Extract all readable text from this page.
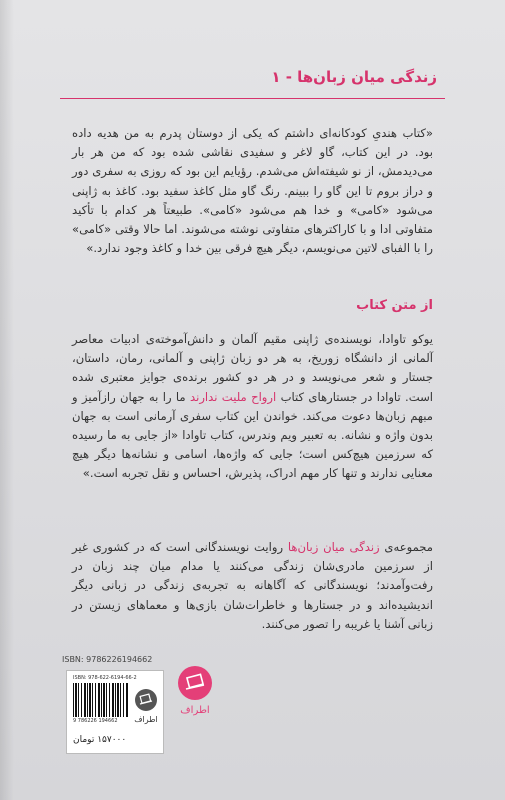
زندگی میان زبان‌ها - ۱

«کتاب هندیِ کودکانه‌ای داشتم که یکی از دوستان پدرم به من هدیه داده بود. در این کتاب، گاو لاغر و سفیدی نقاشی شده بود که من هر بار می‌دیدمش، از نو شیفته‌اش می‌شدم. رؤیایم این بود که روزی به سفری دور و دراز بروم تا این گاو را ببینم. رنگ گاو مثل کاغذ سفید بود. کاغذ به ژاپنی می‌شود «کامی» و خدا هم می‌شود «کامی». طبیعتاً هر کدام با تأکید متفاوتی ادا و با کاراکترهای متفاوتی نوشته می‌شوند. اما حالا وقتی «کامی» را با الفبای لاتین می‌نویسم، دیگر هیچ فرقی بین خدا و کاغذ وجود ندارد.»

از متن کتاب

یوکو تاوادا، نویسنده‌ی ژاپنی مقیم آلمان و دانش‌آموخته‌ی ادبیات معاصر آلمانی از دانشگاه زوریخ، به هر دو زبان ژاپنی و آلمانی، رمان، داستان، جستار و شعر می‌نویسد و در هر دو کشور برنده‌ی جوایز معتبری شده است. تاوادا در جستارهای کتاب ارواح ملیت ندارند ما را به جهان رازآمیز و مبهم زبان‌ها دعوت می‌کند. خواندن این کتاب سفری آرمانی است به جهان بدون واژه و نشانه. به تعبیر ویم وندرس، کتاب تاوادا «از جایی به ما رسیده که سرزمین هیچ‌کس است؛ جایی که واژه‌ها، اسامی و نشانه‌ها دیگر هیچ معنایی ندارند و تنها کار مهم ادراک، پذیرش، احساس و نقل تجربه است.»

مجموعه‌ی زندگی میان زبان‌ها روایت نویسندگانی است که در کشوری غیر از سرزمین مادری‌شان زندگی می‌کنند یا مدام میان چند زبان در رفت‌وآمدند؛ نویسندگانی که آگاهانه به تجربه‌ی زندگی در زبانی دیگر اندیشیده‌اند و در جستارها و خاطرات‌شان بازی‌ها و معماهای زیستن در زبانی آشنا یا غریبه را تصور می‌کنند.

اطراف
ISBN: 9786226194662
ISBN: 978-622-6194-66-2
9 786226 194662	اطراف
۱۵۷۰۰۰ تومان
